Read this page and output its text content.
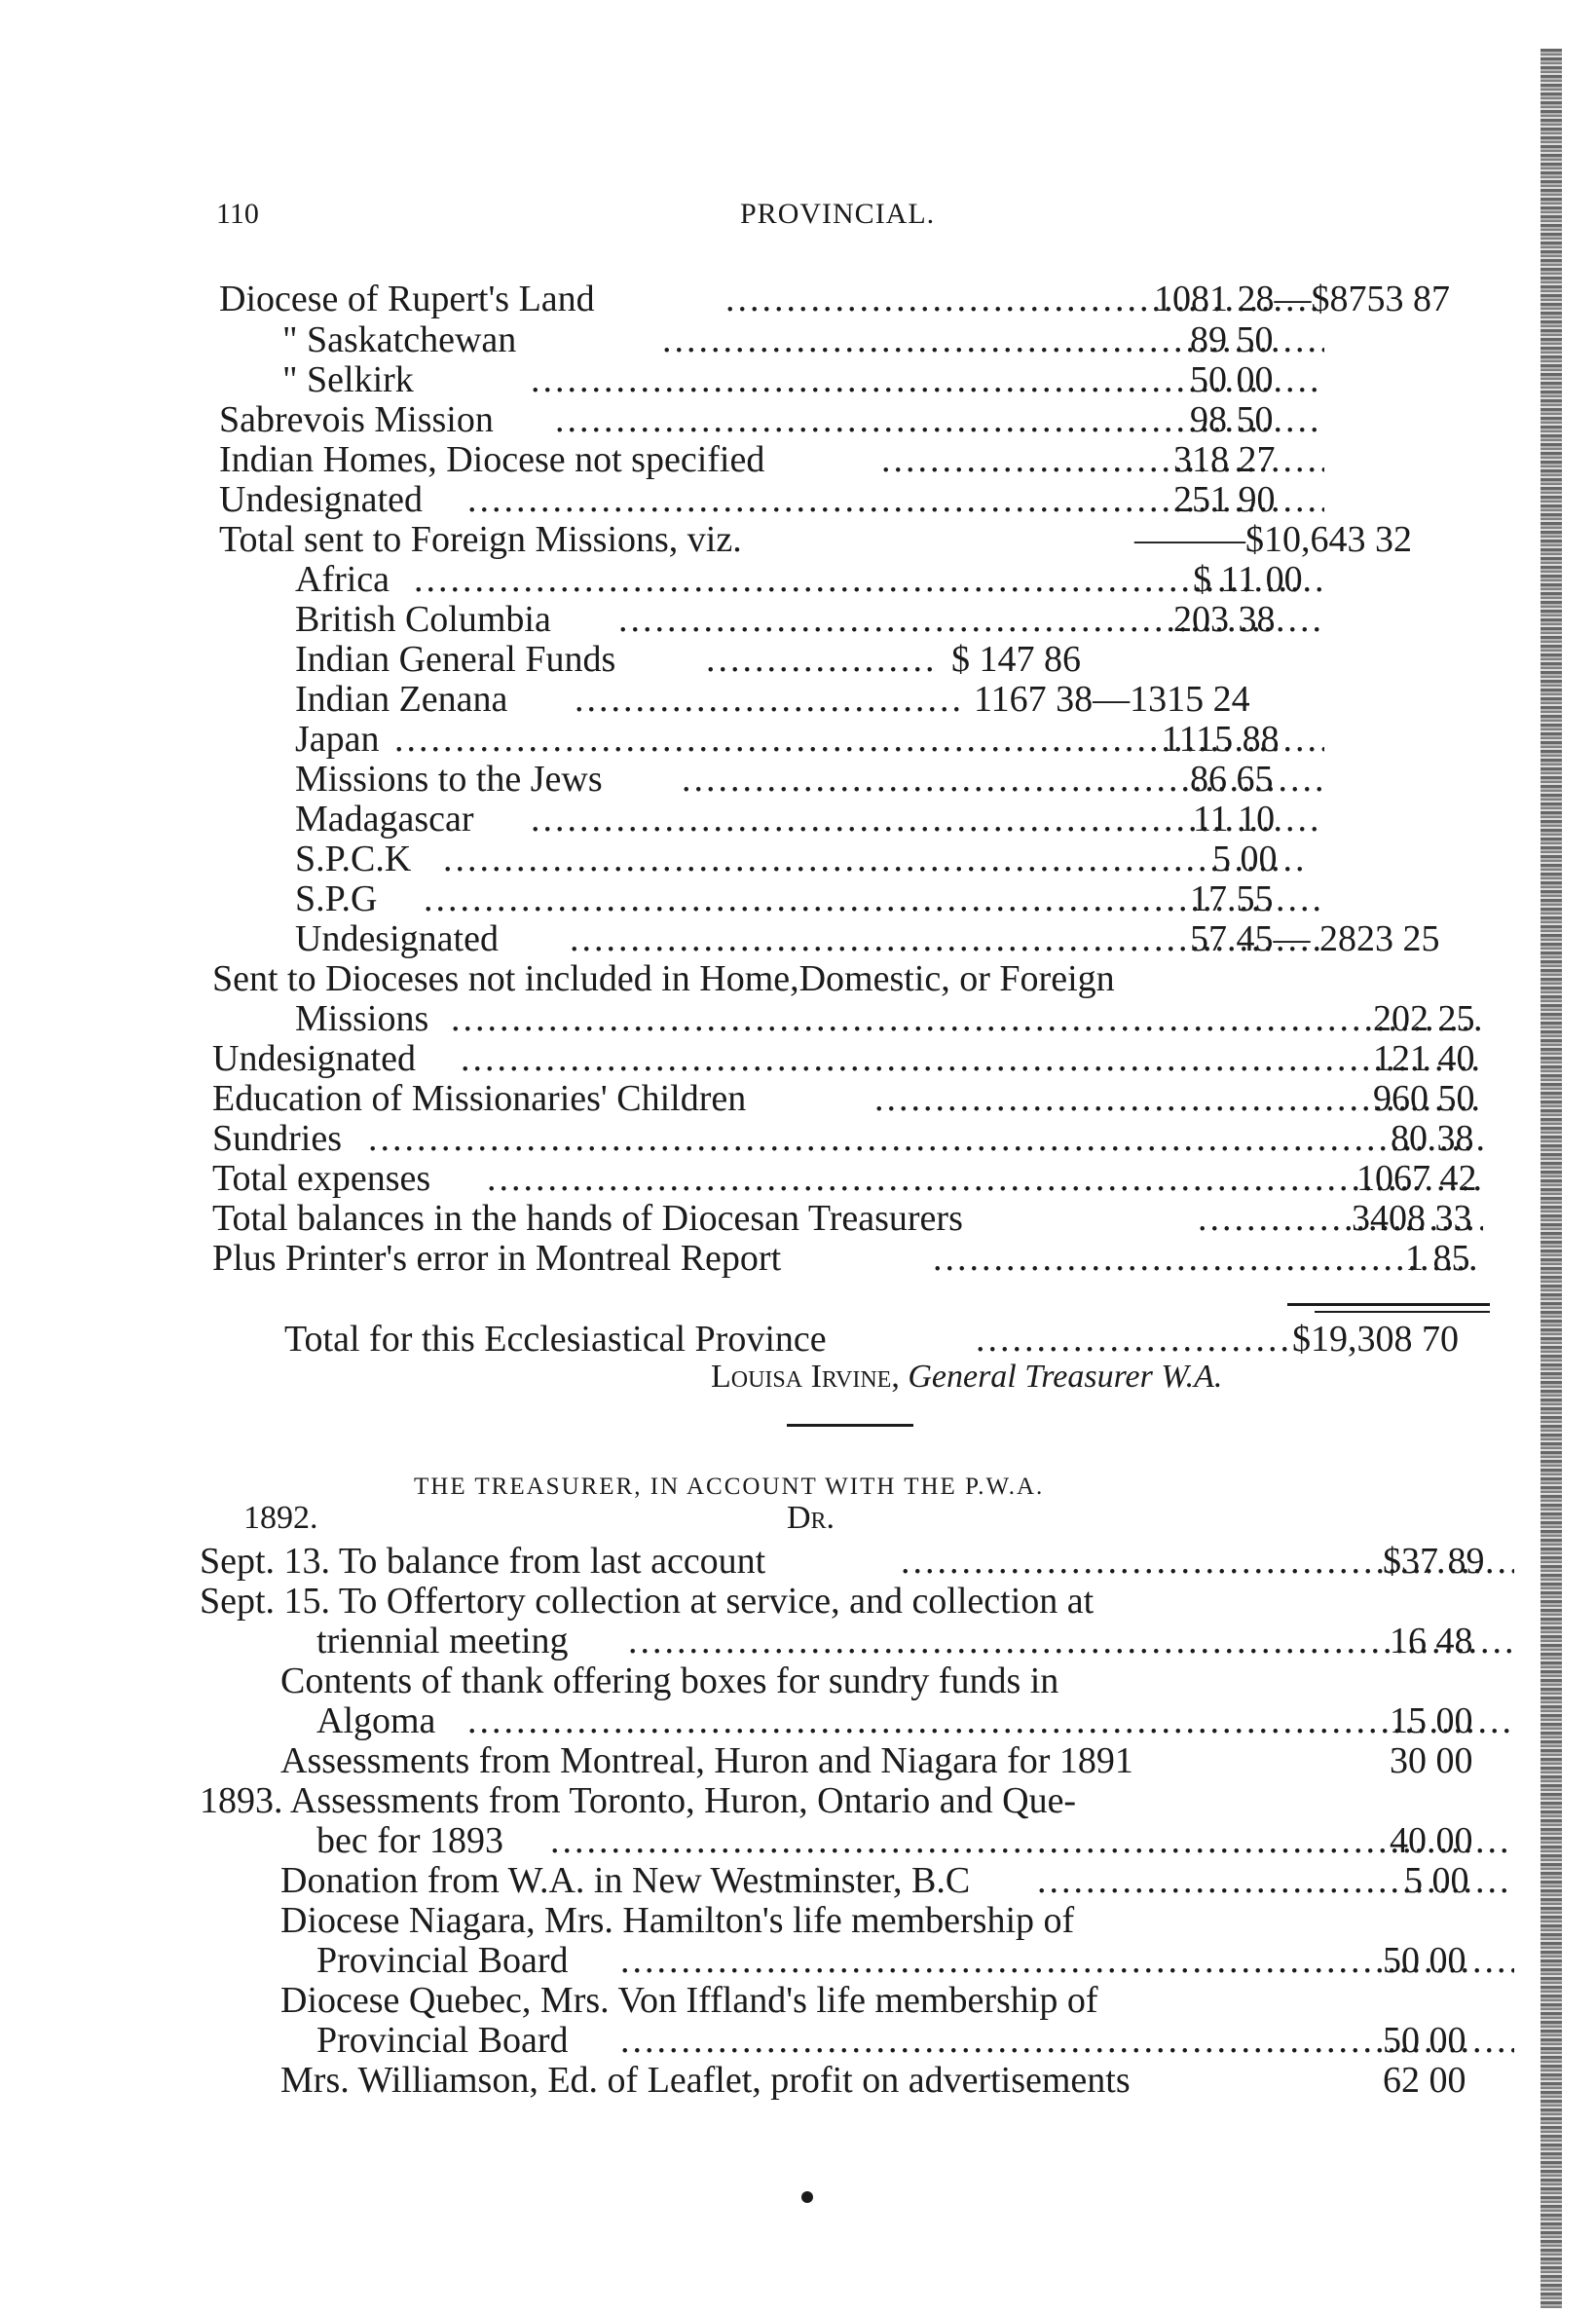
110	PROVINCIAL.
Diocese of Rupert's Land .....	1081 28—$8753 87
" Saskatchewan .....	89 50
" Selkirk .....	50 00
Sabrevois Mission .....	98 50
Indian Homes, Diocese not specified .....	318 27
Undesignated .....	251 90
Total sent to Foreign Missions, viz.	———$10,643 32
Africa .....	$ 11 00
British Columbia .....	203 38
Indian General Funds .....	$ 147 86
Indian Zenana .....	1167 38—1315 24
Japan .....	1115 88
Missions to the Jews .....	86 65
Madagascar .....	11 10
S.P.C.K .....	5 00
S.P.G .....	17 55
Undesignated .....	57 45— 2823 25
Sent to Dioceses not included in Home,Domestic, or Foreign
Missions .....	202 25
Undesignated .....	121 40
Education of Missionaries' Children .....	960 50
Sundries .....	80 38
Total expenses .....	1067 42
Total balances in the hands of Diocesan Treasurers .....	3408 33
Plus Printer's error in Montreal Report .....	1 85
Total for this Ecclesiastical Province .....	$19,308 70
Louisa Irvine, General Treasurer W.A.
THE TREASURER, IN ACCOUNT WITH THE P.W.A.
1892.	Dr.
Sept. 13. To balance from last account .....	$37 89
Sept. 15. To Offertory collection at service, and collection at
triennial meeting .....	16 48
Contents of thank offering boxes for sundry funds in
Algoma .....	15 00
Assessments from Montreal, Huron and Niagara for 1891	30 00
1893. Assessments from Toronto, Huron, Ontario and Que-
bec for 1893 .....	40 00
Donation from W.A. in New Westminster, B.C .....	5 00
Diocese Niagara, Mrs. Hamilton's life membership of
Provincial Board .....	50 00
Diocese Quebec, Mrs. Von Iffland's life membership of
Provincial Board .....	50 00
Mrs. Williamson, Ed. of Leaflet, profit on advertisements	62 00
